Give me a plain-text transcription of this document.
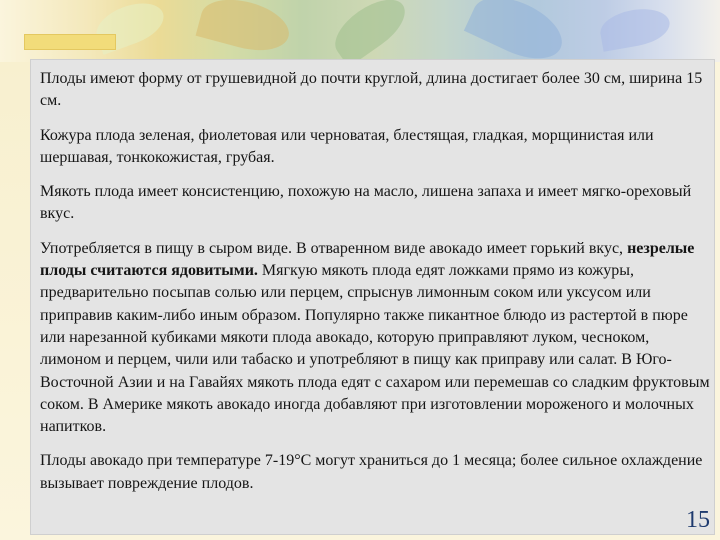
Плоды имеют форму от грушевидной до почти круглой, длина достигает более 30 см, ширина 15 см.

Кожура плода зеленая, фиолетовая или черноватая, блестящая, гладкая, морщинистая или шершавая, тонкокожистая, грубая.

Мякоть плода имеет консистенцию, похожую на масло, лишена запаха и имеет мягко-ореховый вкус.

Употребляется в пищу в сыром виде. В отваренном виде авокадо имеет горький вкус, незрелые плоды считаются ядовитыми. Мягкую мякоть плода едят ложками прямо из кожуры, предварительно посыпав солью или перцем, спрыснув лимонным соком или уксусом или приправив каким-либо иным образом. Популярно также пикантное блюдо из растертой в пюре или нарезанной кубиками мякоти плода авокадо, которую приправляют луком, чесноком, лимоном и перцем, чили или табаско и употребляют в пищу как приправу или салат. В Юго-Восточной Азии и на Гавайях мякоть плода едят с сахаром или перемешав со сладким фруктовым соком. В Америке мякоть авокадо иногда добавляют при изготовлении мороженого и молочных напитков.

Плоды авокадо при температуре 7-19°С могут храниться до 1 месяца; более сильное охлаждение вызывает повреждение плодов.

15
